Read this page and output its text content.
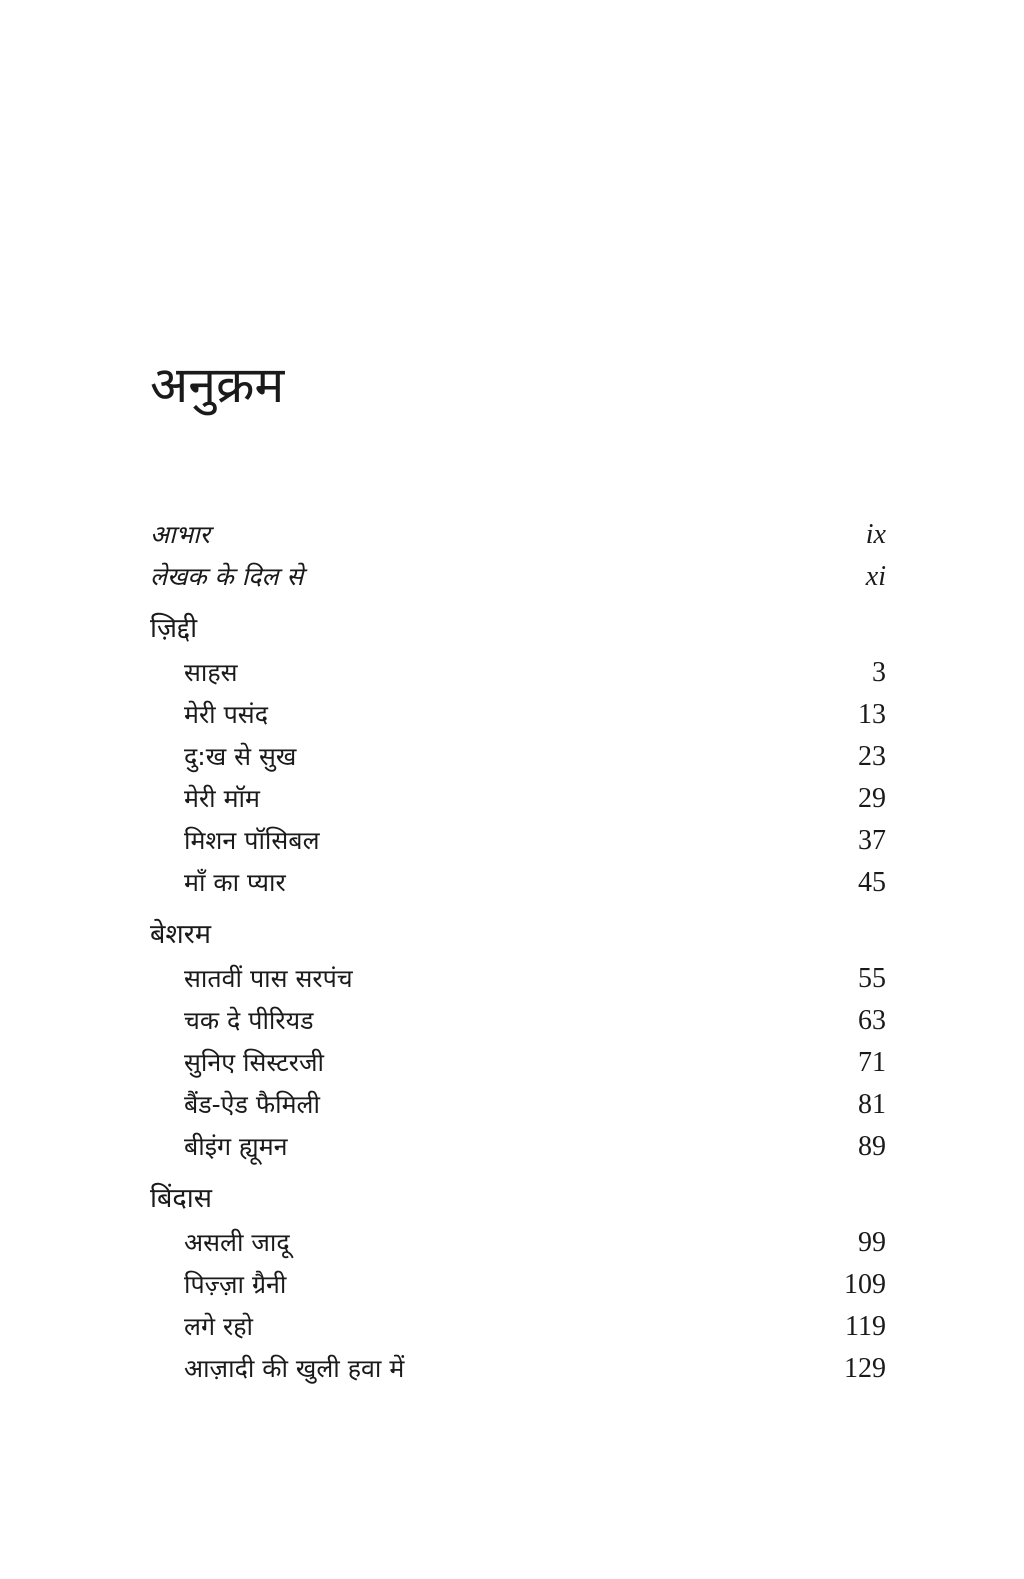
अनुक्रम
आभार	ix
लेखक के दिल से	xi
ज़िद्दी
साहस	3
मेरी पसंद	13
दु:ख से सुख	23
मेरी मॉम	29
मिशन पॉसिबल	37
माँ का प्यार	45
बेशरम
सातवीं पास सरपंच	55
चक दे पीरियड	63
सुनिए सिस्टरजी	71
बैंड-ऐड फैमिली	81
बीइंग ह्यूमन	89
बिंदास
असली जादू	99
पिज़्ज़ा ग्रैनी	109
लगे रहो	119
आज़ादी की खुली हवा में	129
